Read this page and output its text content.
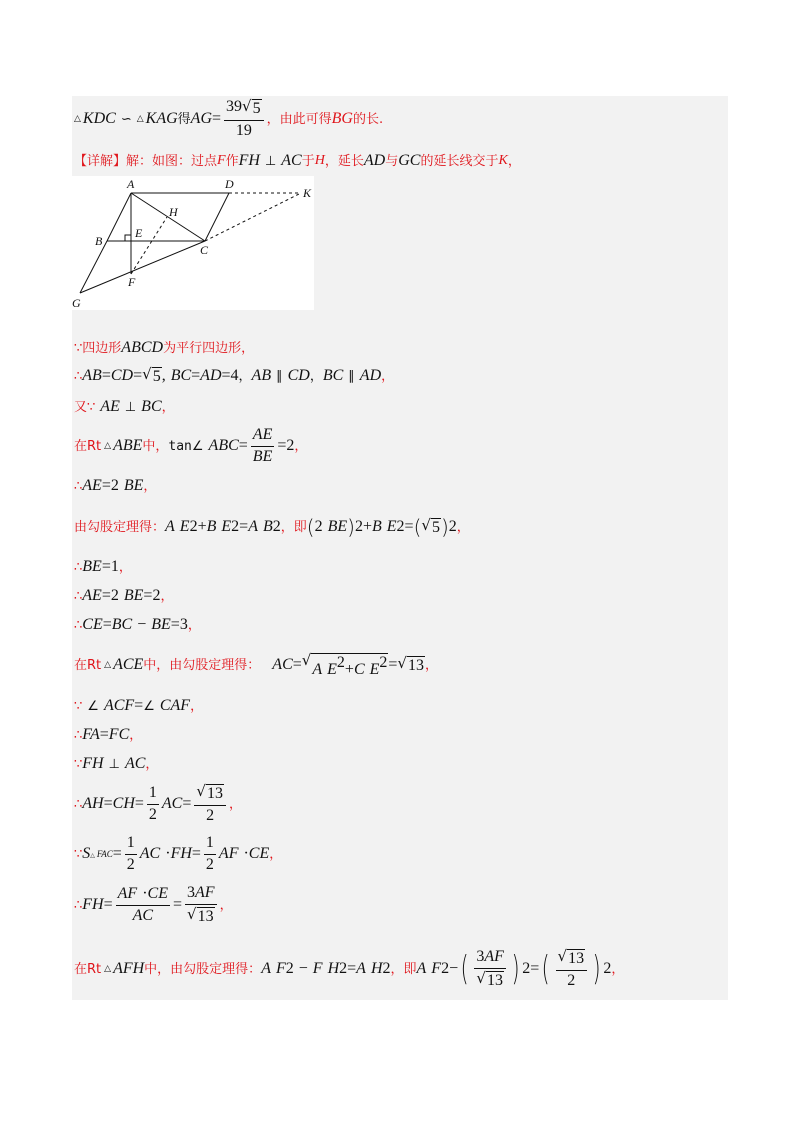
△ KDC ∽ △ KAG 得 AG = $\frac{39 √ 5}{19}$ ，由此可得 BG 的长.
【详解】 解：如图：过点 F 作 FH ⊥ AC 于 H ，延长 AD 与 GC 的延长线交于 K ，
A	D
K
H
B
E
C
F
G
∵ 四边形 ABCD 为平行四边形，
∴ AB = CD = √ 5 , BC = AD = 4 ， AB ∥ CD ， BC ∥ AD ，
又 ∵ AE ⊥ BC ，
在Rt △ ABE 中， tan ∠ ABC = $\frac{AE}{BE} = 2$ ，
∴ AE = 2 BE ，
由勾股定理得： A E 2 + B E 2 = A B 2 ，即 ( 2 BE ) 2 + B E 2 = ( √ 5 ) 2 ，
∴ BE = 1 ，
∴ AE = 2 BE = 2 ，
∴ CE = BC − BE = 3 ，
在Rt △ ACE 中，由勾股定理得： AC = √
A $E^2+C$ $E^2$ = √ 13 ，
∵ ∠ ACF = ∠ CAF ，
∴ FA = FC ，
∵ FH ⊥ AC ，
∴ AH = CH = $\frac{1}{2}$ AC = $\frac{√ 13}{2}$ ，
∵ S △ FAC = $\frac{1}{2}$ AC · FH = $\frac{1}{2}$ AF · CE ，
∴ FH = $\frac{AF \cdot CE}{AC} = \frac{3AF}{√ 13}$ ，
在Rt △ AFH 中，由勾股定理得： A F 2 − F H 2 = A H 2 ，即 A F 2 − ( $\frac{3AF}{√ 13}$ ) 2 = ( $\frac{√ 13}{2}$ ) 2 ，
